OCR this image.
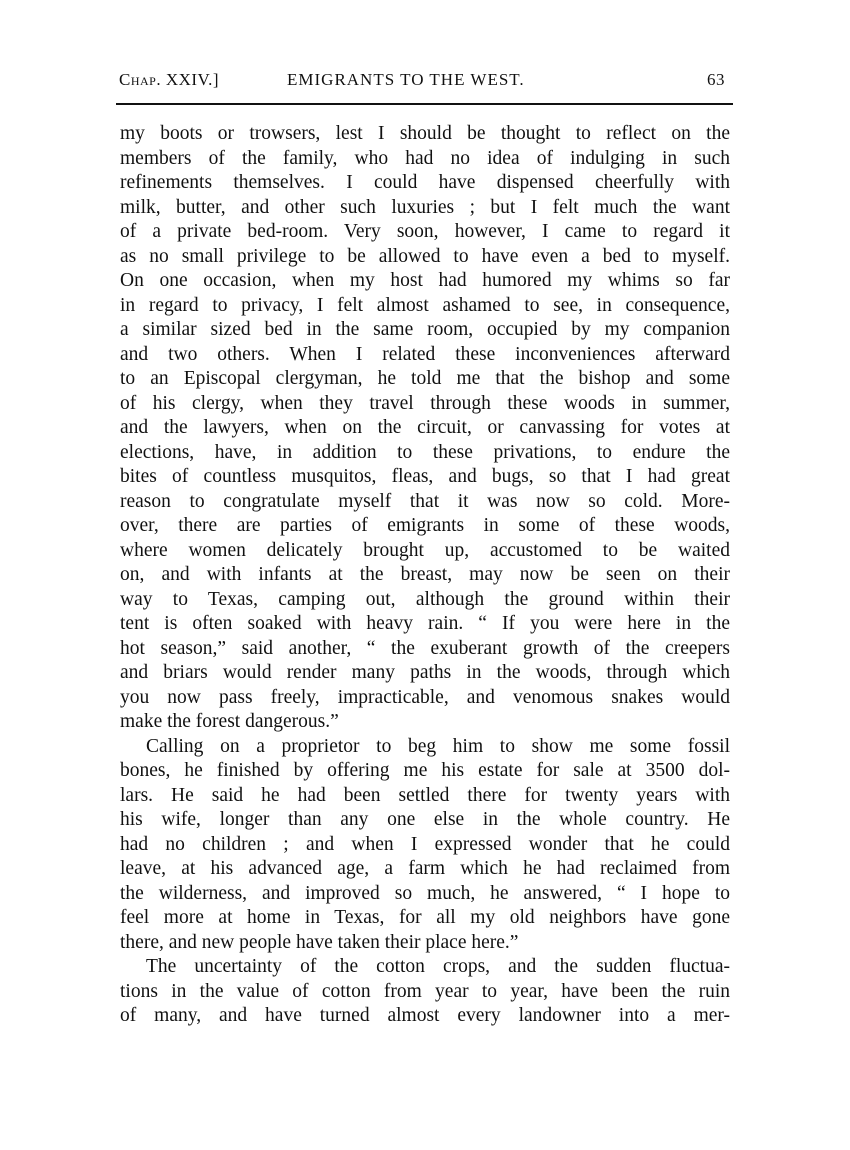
Chap. XXIV.]	EMIGRANTS TO THE WEST.	63
my boots or trowsers, lest I should be thought to reflect on the
members of the family, who had no idea of indulging in such
refinements themselves. I could have dispensed cheerfully with
milk, butter, and other such luxuries ; but I felt much the want
of a private bed-room. Very soon, however, I came to regard it
as no small privilege to be allowed to have even a bed to myself.
On one occasion, when my host had humored my whims so far
in regard to privacy, I felt almost ashamed to see, in consequence,
a similar sized bed in the same room, occupied by my companion
and two others. When I related these inconveniences afterward
to an Episcopal clergyman, he told me that the bishop and some
of his clergy, when they travel through these woods in summer,
and the lawyers, when on the circuit, or canvassing for votes at
elections, have, in addition to these privations, to endure the
bites of countless musquitos, fleas, and bugs, so that I had great
reason to congratulate myself that it was now so cold. More-
over, there are parties of emigrants in some of these woods,
where women delicately brought up, accustomed to be waited
on, and with infants at the breast, may now be seen on their
way to Texas, camping out, although the ground within their
tent is often soaked with heavy rain. “ If you were here in the
hot season,” said another, “ the exuberant growth of the creepers
and briars would render many paths in the woods, through which
you now pass freely, impracticable, and venomous snakes would
make the forest dangerous.”
Calling on a proprietor to beg him to show me some fossil
bones, he finished by offering me his estate for sale at 3500 dol-
lars. He said he had been settled there for twenty years with
his wife, longer than any one else in the whole country. He
had no children ; and when I expressed wonder that he could
leave, at his advanced age, a farm which he had reclaimed from
the wilderness, and improved so much, he answered, “ I hope to
feel more at home in Texas, for all my old neighbors have gone
there, and new people have taken their place here.”
The uncertainty of the cotton crops, and the sudden fluctua-
tions in the value of cotton from year to year, have been the ruin
of many, and have turned almost every landowner into a mer-
